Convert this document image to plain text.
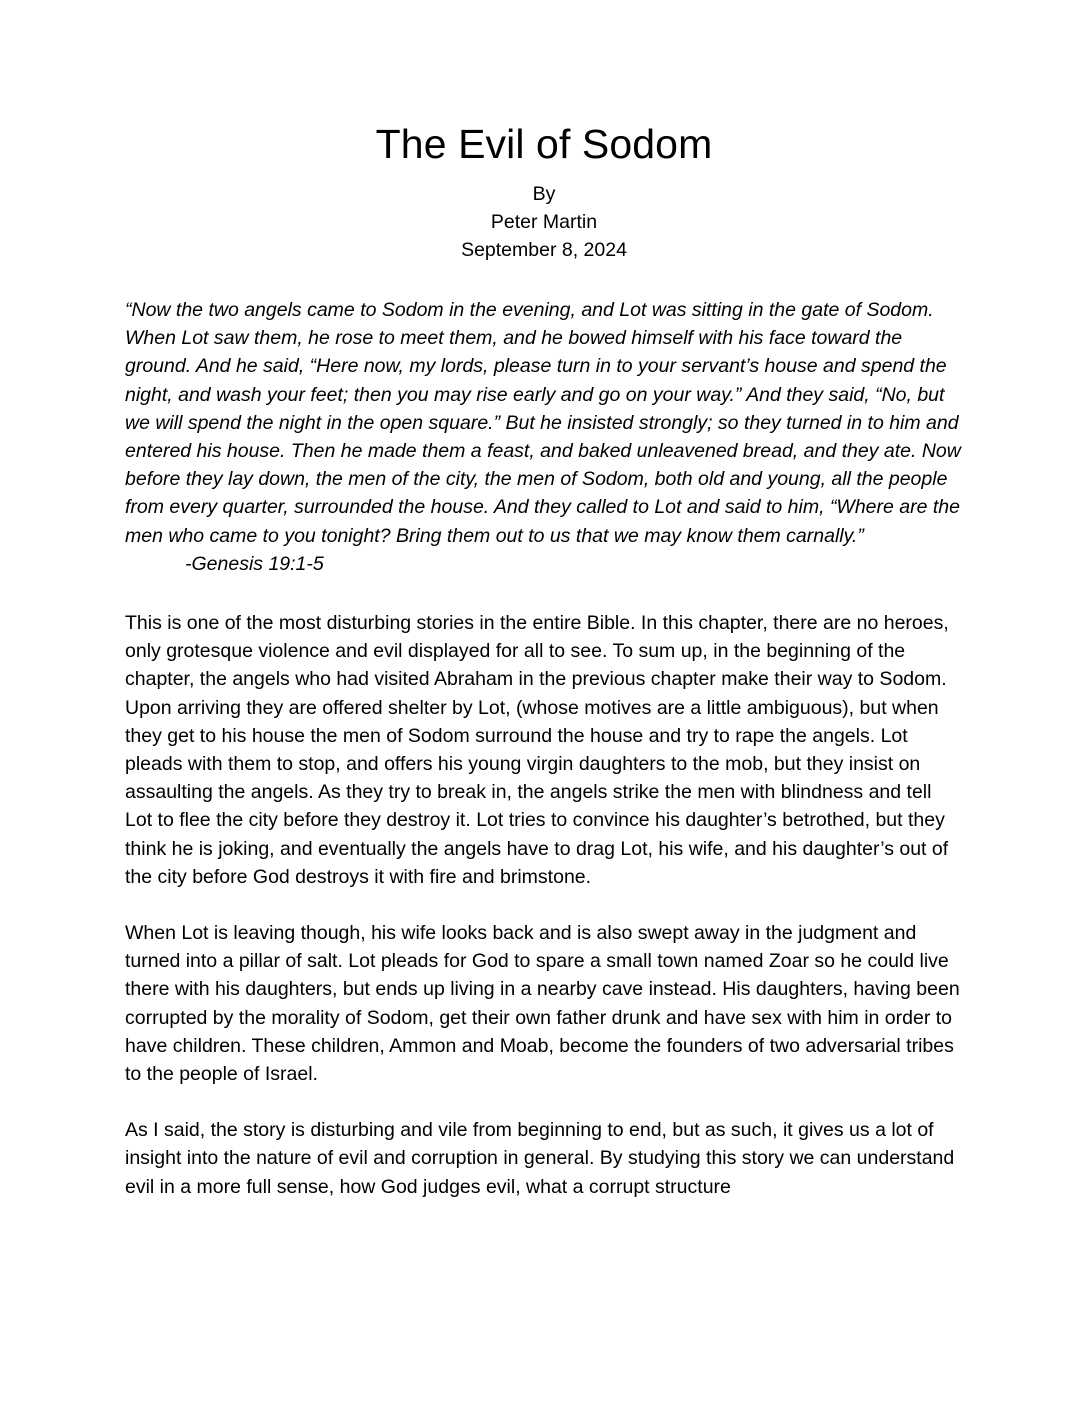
The Evil of Sodom
By
Peter Martin
September 8, 2024

“Now the two angels came to Sodom in the evening, and Lot was sitting in the gate of Sodom. When Lot saw them, he rose to meet them, and he bowed himself with his face toward the ground. And he said, “Here now, my lords, please turn in to your servant’s house and spend the night, and wash your feet; then you may rise early and go on your way.” And they said, “No, but we will spend the night in the open square.” But he insisted strongly; so they turned in to him and entered his house. Then he made them a feast, and baked unleavened bread, and they ate. Now before they lay down, the men of the city, the men of Sodom, both old and young, all the people from every quarter, surrounded the house. And they called to Lot and said to him, “Where are the men who came to you tonight? Bring them out to us that we may know them carnally.”

-Genesis 19:1-5

This is one of the most disturbing stories in the entire Bible. In this chapter, there are no heroes, only grotesque violence and evil displayed for all to see. To sum up, in the beginning of the chapter, the angels who had visited Abraham in the previous chapter make their way to Sodom. Upon arriving they are offered shelter by Lot, (whose motives are a little ambiguous), but when they get to his house the men of Sodom surround the house and try to rape the angels. Lot pleads with them to stop, and offers his young virgin daughters to the mob, but they insist on assaulting the angels. As they try to break in, the angels strike the men with blindness and tell Lot to flee the city before they destroy it. Lot tries to convince his daughter’s betrothed, but they think he is joking, and eventually the angels have to drag Lot, his wife, and his daughter’s out of the city before God destroys it with fire and brimstone.

When Lot is leaving though, his wife looks back and is also swept away in the judgment and turned into a pillar of salt. Lot pleads for God to spare a small town named Zoar so he could live there with his daughters, but ends up living in a nearby cave instead. His daughters, having been corrupted by the morality of Sodom, get their own father drunk and have sex with him in order to have children. These children, Ammon and Moab, become the founders of two adversarial tribes to the people of Israel.

As I said, the story is disturbing and vile from beginning to end, but as such, it gives us a lot of insight into the nature of evil and corruption in general. By studying this story we can understand evil in a more full sense, how God judges evil, what a corrupt structure
